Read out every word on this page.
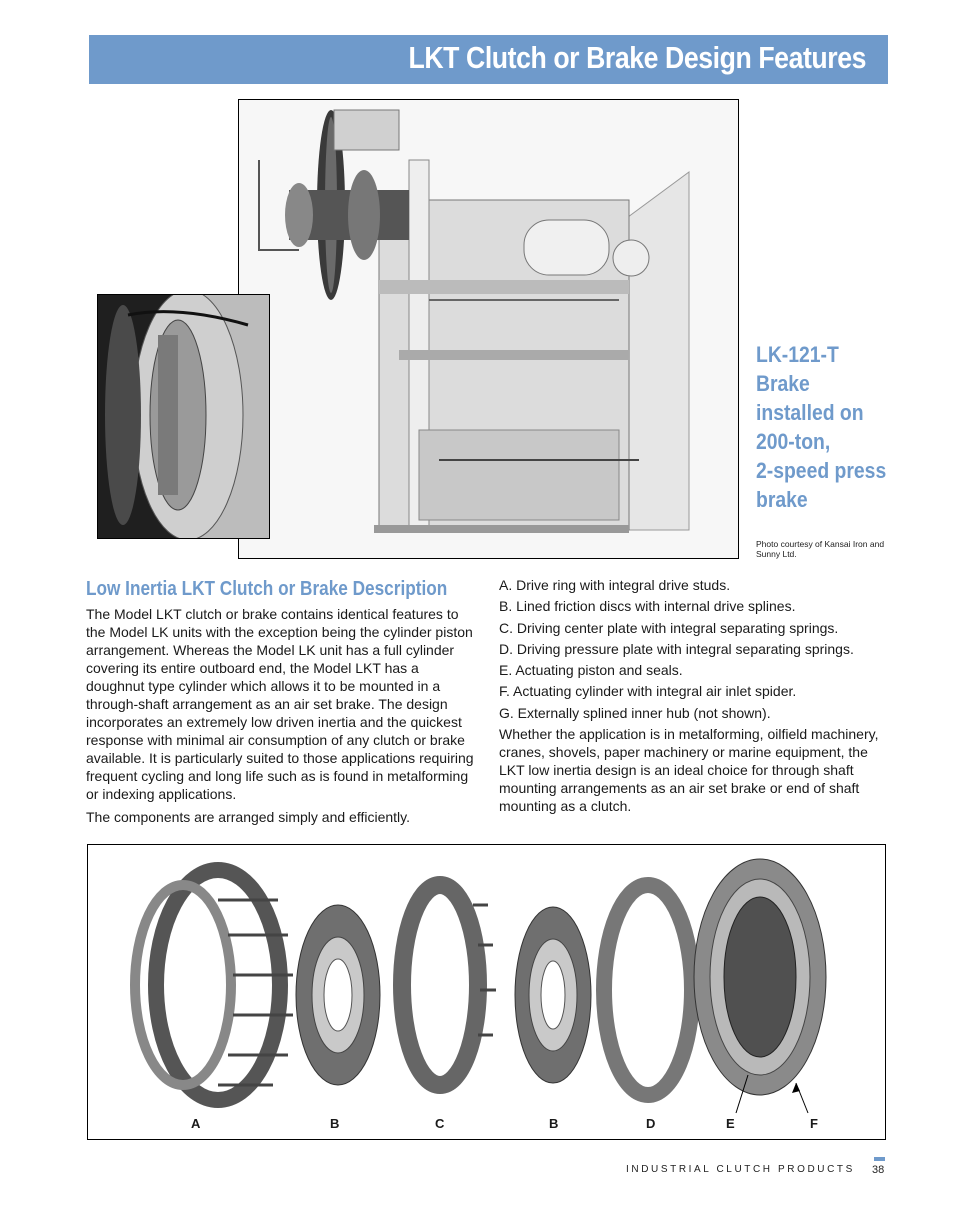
LKT Clutch or Brake Design Features
LK-121-T
Brake
installed on
200-ton,
2-speed press
brake
Photo courtesy of Kansai Iron and Sunny Ltd.
Low Inertia LKT Clutch or Brake Description

The Model LKT clutch or brake contains identical features to the Model LK units with the exception being the cylinder piston arrangement. Whereas the Model LK unit has a full cylinder covering its entire outboard end, the Model LKT has a doughnut type cylinder which allows it to be mounted in a through-shaft arrangement as an air set brake. The design incorporates an extremely low driven inertia and the quickest response with minimal air consumption of any clutch or brake available. It is particularly suited to those applications requiring frequent cycling and long life such as is found in metalforming or indexing applications.

The components are arranged simply and efficiently.

A. Drive ring with integral drive studs.
B. Lined friction discs with internal drive splines.
C. Driving center plate with integral separating springs.
D. Driving pressure plate with integral separating springs.
E. Actuating piston and seals.
F. Actuating cylinder with integral air inlet spider.
G. Externally splined inner hub (not shown).

Whether the application is in metalforming, oilfield machinery, cranes, shovels, paper machinery or marine equipment, the LKT low inertia design is an ideal choice for through shaft mounting arrangements as an air set brake or end of shaft mounting as a clutch.

A	B	C	B	D	E	F
INDUSTRIAL CLUTCH PRODUCTS 38
